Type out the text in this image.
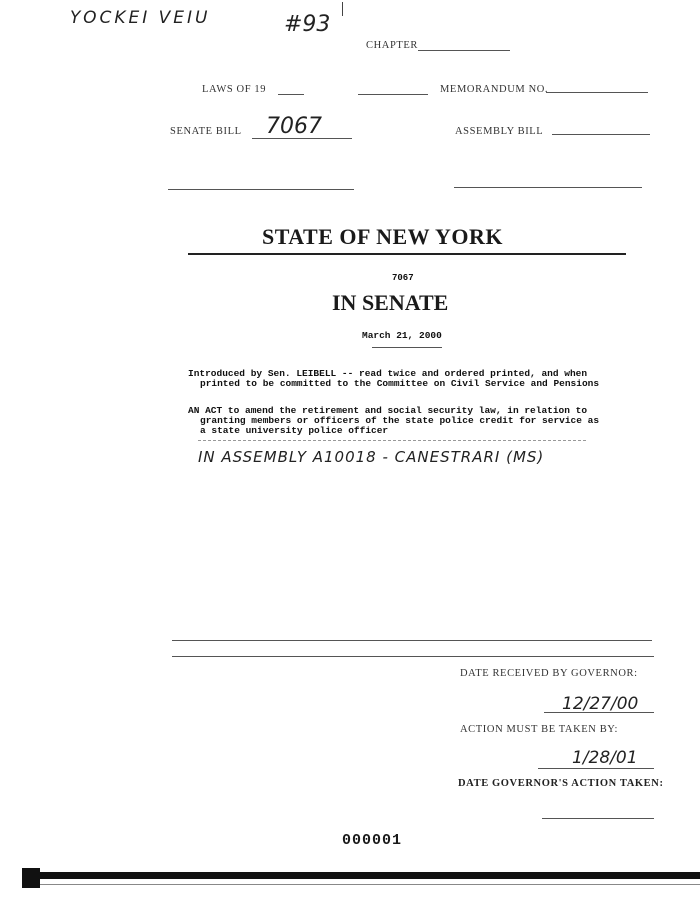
YOCKEI VEIU	#93
CHAPTER
LAWS OF 19	MEMORANDUM NO.
SENATE BILL 7067	ASSEMBLY BILL
STATE OF NEW YORK
7067
IN SENATE
March 21, 2000
Introduced by Sen. LEIBELL -- read twice and ordered printed, and when
printed to be committed to the Committee on Civil Service and Pensions
AN ACT to amend the retirement and social security law, in relation to
granting members or officers of the state police credit for service as
a state university police officer
IN ASSEMBLY A10018 - CANESTRARI (MS)
DATE RECEIVED BY GOVERNOR:
12/27/00
ACTION MUST BE TAKEN BY:
1/28/01
DATE GOVERNOR'S ACTION TAKEN:
000001
